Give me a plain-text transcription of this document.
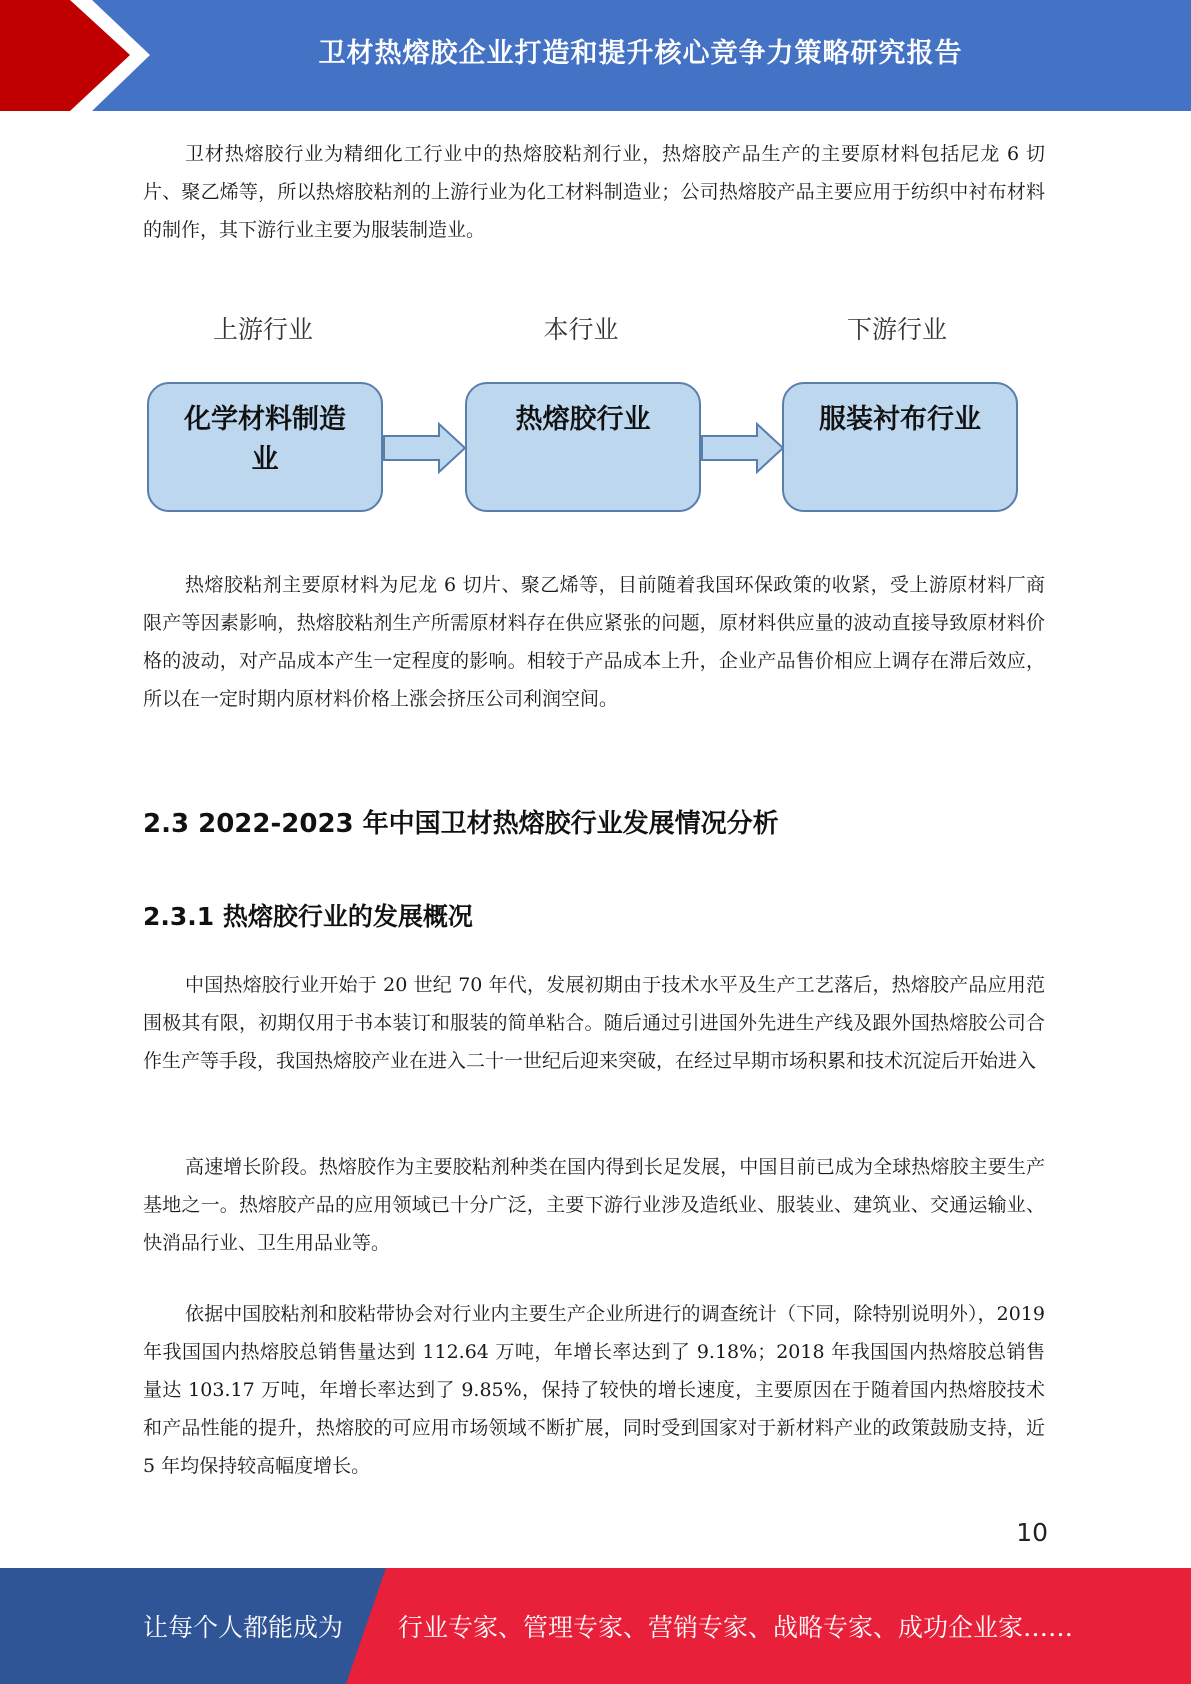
卫材热熔胶企业打造和提升核心竞争力策略研究报告

卫材热熔胶行业为精细化工行业中的热熔胶粘剂行业，热熔胶产品生产的主要原材料包括尼龙 6 切片、聚乙烯等，所以热熔胶粘剂的上游行业为化工材料制造业；公司热熔胶产品主要应用于纺织中衬布材料的制作，其下游行业主要为服装制造业。

上游行业	本行业	下游行业
化学材料制造业
热熔胶行业	服装衬布行业

热熔胶粘剂主要原材料为尼龙 6 切片、聚乙烯等，目前随着我国环保政策的收紧，受上游原材料厂商限产等因素影响，热熔胶粘剂生产所需原材料存在供应紧张的问题，原材料供应量的波动直接导致原材料价格的波动，对产品成本产生一定程度的影响。相较于产品成本上升，企业产品售价相应上调存在滞后效应，所以在一定时期内原材料价格上涨会挤压公司利润空间。

2.3 2022-2023 年中国卫材热熔胶行业发展情况分析
2.3.1 热熔胶行业的发展概况

中国热熔胶行业开始于 20 世纪 70 年代，发展初期由于技术水平及生产工艺落后，热熔胶产品应用范围极其有限，初期仅用于书本装订和服装的简单粘合。随后通过引进国外先进生产线及跟外国热熔胶公司合作生产等手段，我国热熔胶产业在进入二十一世纪后迎来突破，在经过早期市场积累和技术沉淀后开始进入

高速增长阶段。热熔胶作为主要胶粘剂种类在国内得到长足发展，中国目前已成为全球热熔胶主要生产基地之一。热熔胶产品的应用领域已十分广泛，主要下游行业涉及造纸业、服装业、建筑业、交通运输业、快消品行业、卫生用品业等。

依据中国胶粘剂和胶粘带协会对行业内主要生产企业所进行的调查统计（下同，除特别说明外），2019 年我国国内热熔胶总销售量达到 112.64 万吨，年增长率达到了 9.18%；2018 年我国国内热熔胶总销售量达 103.17 万吨，年增长率达到了 9.85%，保持了较快的增长速度，主要原因在于随着国内热熔胶技术和产品性能的提升，热熔胶的可应用市场领域不断扩展，同时受到国家对于新材料产业的政策鼓励支持，近 5 年均保持较高幅度增长。

10
让每个人都能成为 行业专家、管理专家、营销专家、战略专家、成功企业家……
